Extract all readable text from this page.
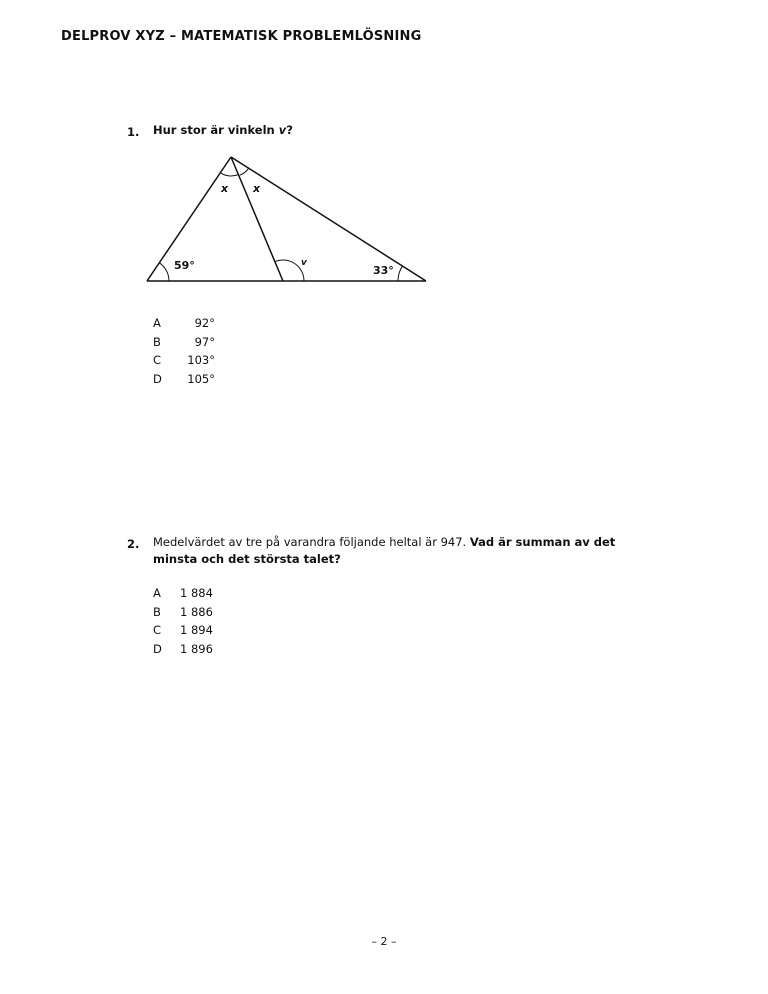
DELPROV XYZ – MATEMATISK PROBLEMLÖSNING
1. Hur stor är vinkeln v?
x x
59°	v
33°
A	92°
B	97°
C 103°
D 105°
2. Medelvärdet av tre på varandra följande heltal är 947. Vad är summan av det
minsta och det största talet?
A 1 884
B 1 886
C 1 894
D 1 896
– 2 –
